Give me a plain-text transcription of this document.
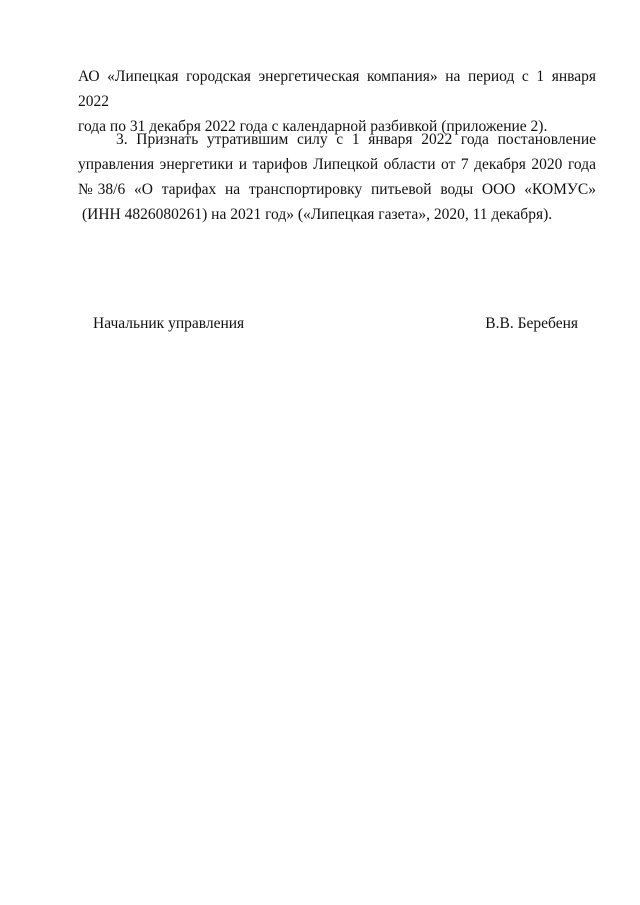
АО «Липецкая городская энергетическая компания» на период с 1 января 2022
года по 31 декабря 2022 года с календарной разбивкой (приложение 2).
3. Признать утратившим силу с 1 января 2022 года постановление
управления энергетики и тарифов Липецкой области от 7 декабря 2020 года
№38/6 «О тарифах на транспортировку питьевой воды ООО «КОМУС»
(ИНН 4826080261) на 2021 год» («Липецкая газета», 2020, 11 декабря).
Начальник управления	В.В. Беребеня
